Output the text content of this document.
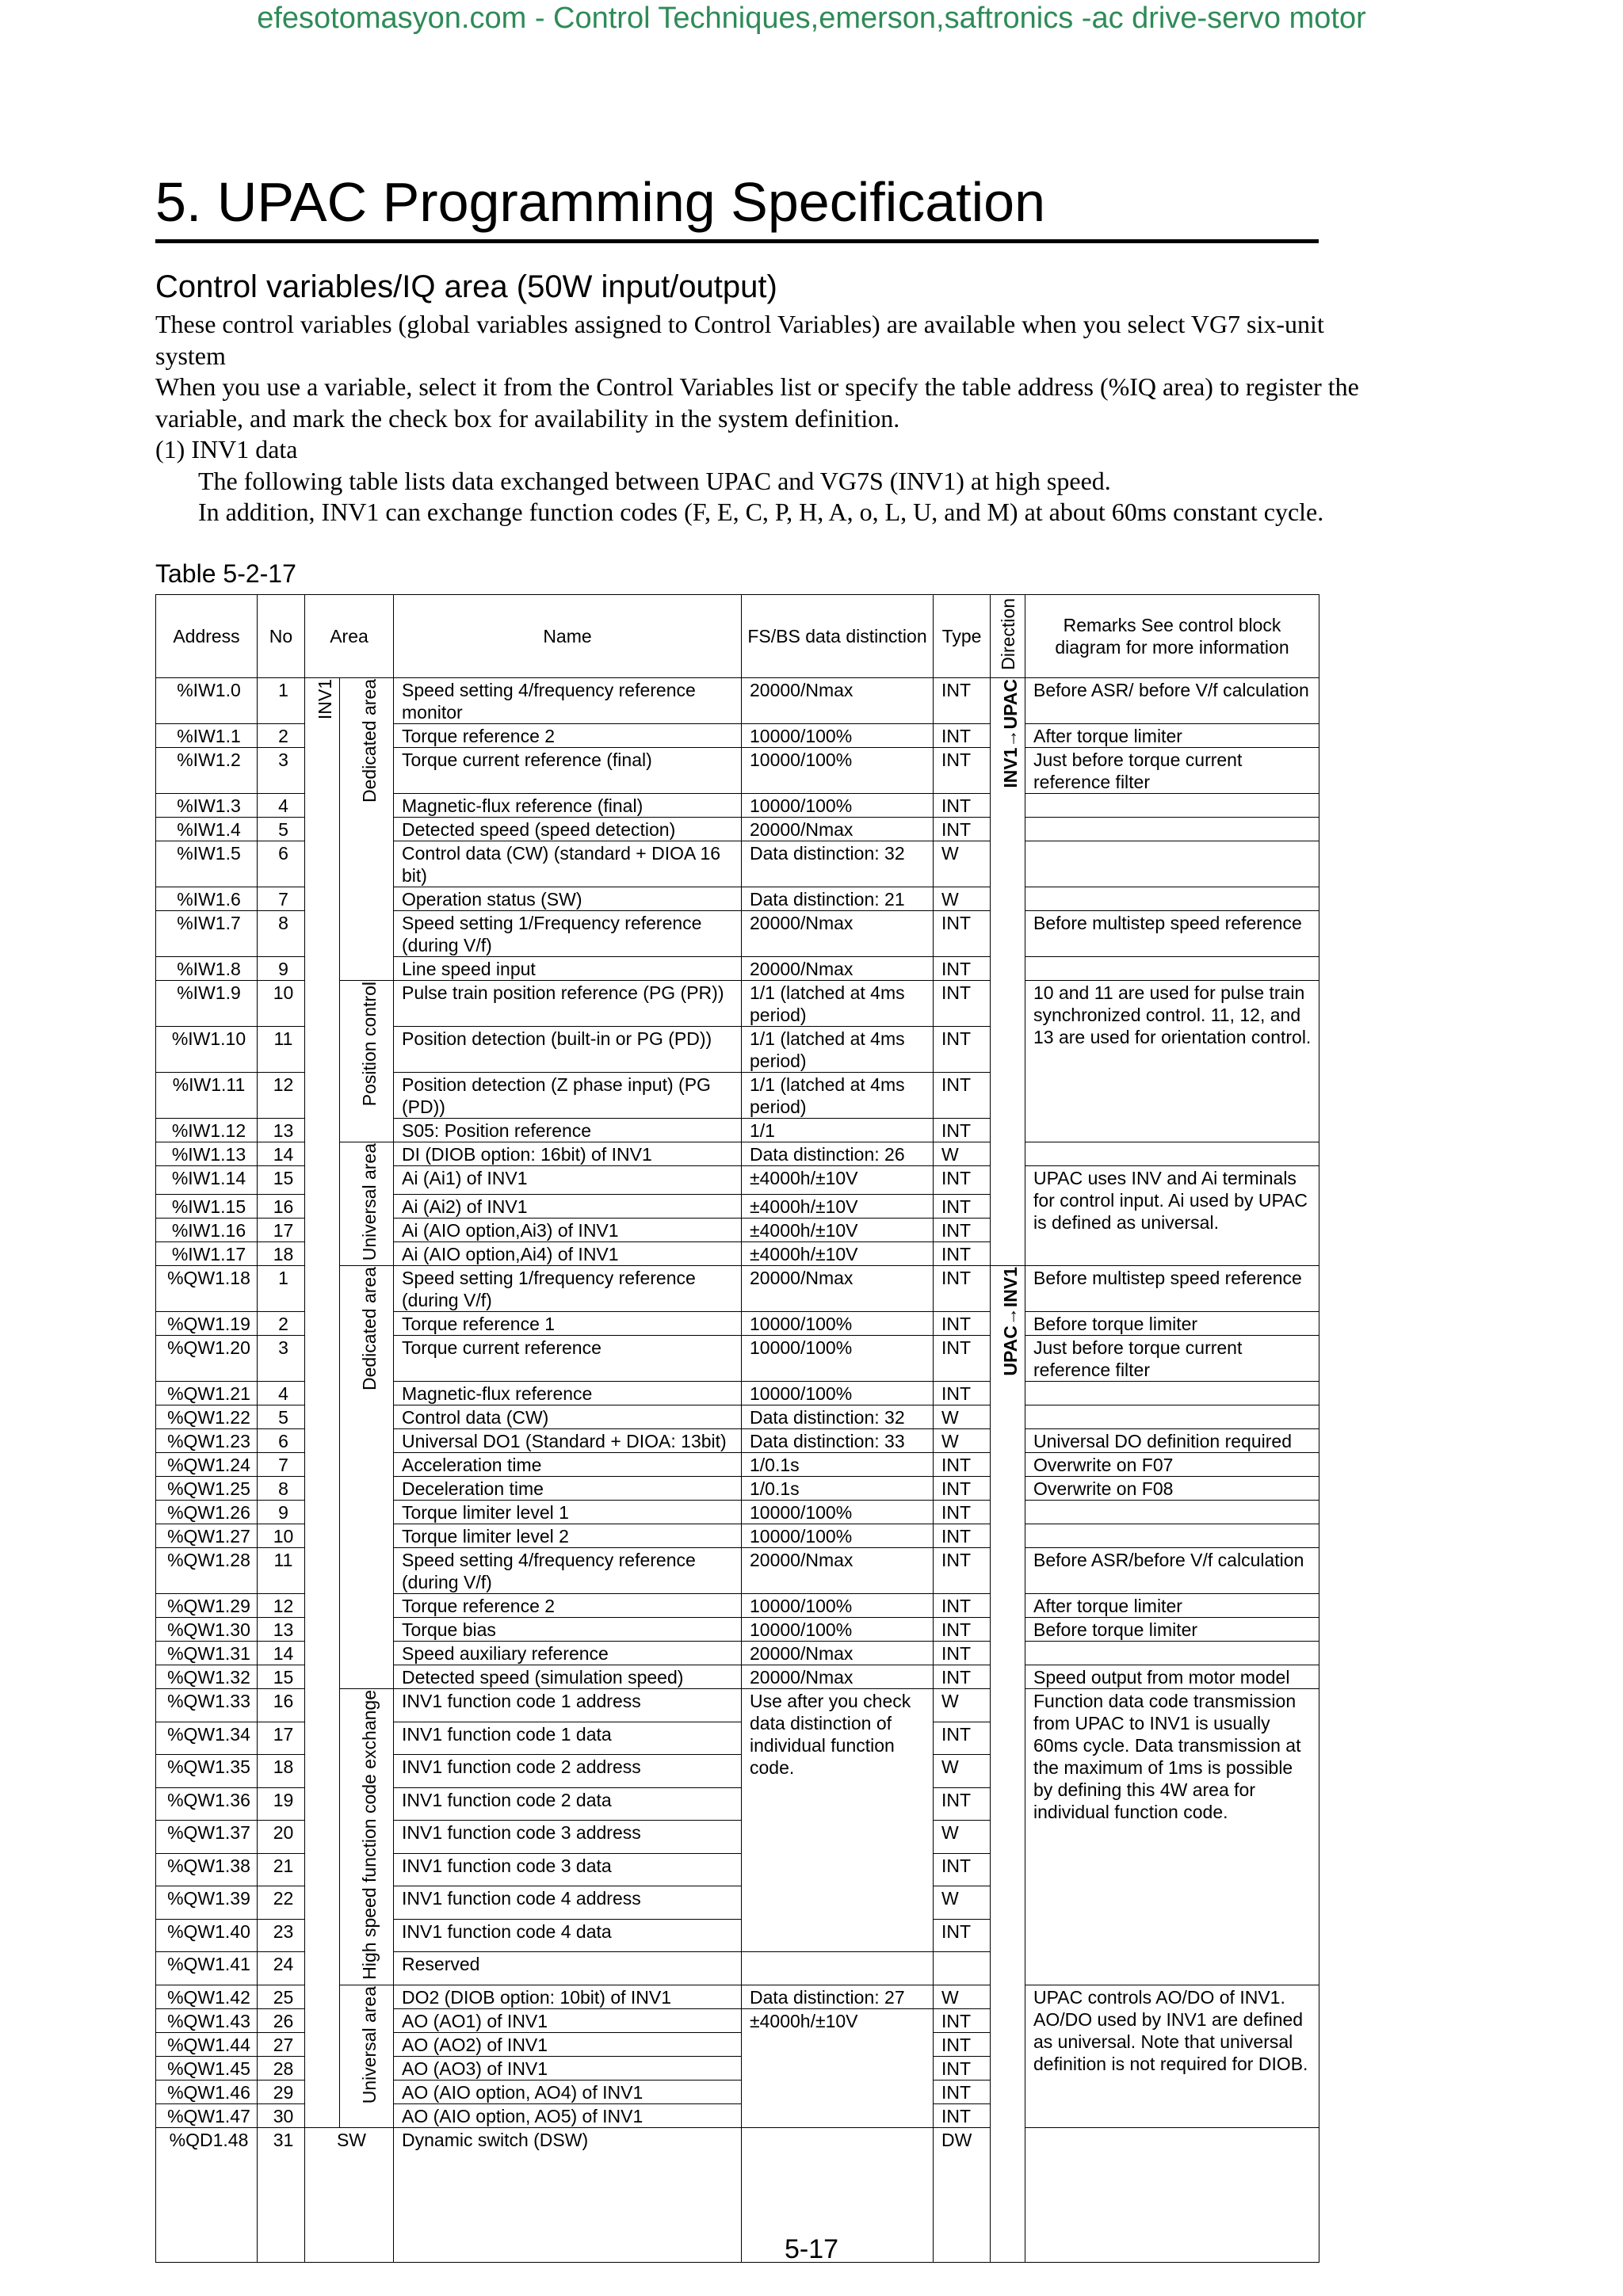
efesotomasyon.com - Control Techniques,emerson,saftronics -ac drive-servo motor
5. UPAC Programming Specification
Control variables/IQ area (50W input/output)

These control variables (global variables assigned to Control Variables) are available when you select VG7 six-unit system

When you use a variable, select it from the Control Variables list or specify the table address (%IQ area) to register the variable, and mark the check box for availability in the system definition.

(1) INV1 data

The following table lists data exchanged between UPAC and VG7S (INV1) at high speed.

In addition, INV1 can exchange function codes (F, E, C, P, H, A, o, L, U, and M) at about 60ms constant cycle.

Table 5-2-17
Address	No	Area		Name	FS/BS data distinction	Type	Direction	Remarks See control block diagram for more information	
%IW1.0	1	INV1	Dedicated area	Speed setting 4/frequency reference monitor	20000/Nmax	INT	INV1→UPAC	Before ASR/ before V/f calculation	
%IW1.1	2			Torque reference 2	10000/100%	INT		After torque limiter	
%IW1.2	3			Torque current reference (final)	10000/100%	INT		Just before torque current reference filter	
%IW1.3	4			Magnetic-flux reference (final)	10000/100%	INT			
%IW1.4	5			Detected speed (speed detection)	20000/Nmax	INT			
%IW1.5	6			Control data (CW) (standard + DIOA 16 bit)	Data distinction: 32	W			
%IW1.6	7			Operation status (SW)	Data distinction: 21	W			
%IW1.7	8			Speed setting 1/Frequency reference (during V/f)	20000/Nmax	INT		Before multistep speed reference	
%IW1.8	9			Line speed input	20000/Nmax	INT			
%IW1.9	10		Position control	Pulse train position reference (PG (PR))	1/1 (latched at 4ms period)	INT		10 and 11 are used for pulse train synchronized control. 11, 12, and 13 are used for orientation control.	
%IW1.10	11			Position detection (built-in or PG (PD))	1/1 (latched at 4ms period)	INT			
%IW1.11	12			Position detection (Z phase input) (PG (PD))	1/1 (latched at 4ms period)	INT			
%IW1.12	13			S05: Position reference	1/1	INT			
%IW1.13	14		Universal area	DI (DIOB option: 16bit) of INV1	Data distinction: 26	W			
%IW1.14	15			Ai (Ai1) of INV1	±4000h/±10V	INT		UPAC uses INV and Ai terminals for control input. Ai used by UPAC is defined as universal.	
%IW1.15	16			Ai (Ai2) of INV1	±4000h/±10V	INT			
%IW1.16	17			Ai (AIO option,Ai3) of INV1	±4000h/±10V	INT			
%IW1.17	18			Ai (AIO option,Ai4) of INV1	±4000h/±10V	INT			
%QW1.18	1		Dedicated area	Speed setting 1/frequency reference (during V/f)	20000/Nmax	INT	UPAC→INV1	Before multistep speed reference	
%QW1.19	2			Torque reference 1	10000/100%	INT		Before torque limiter	
%QW1.20	3			Torque current reference	10000/100%	INT		Just before torque current reference filter	
%QW1.21	4			Magnetic-flux reference	10000/100%	INT			
%QW1.22	5			Control data (CW)	Data distinction: 32	W			
%QW1.23	6			Universal DO1 (Standard + DIOA: 13bit)	Data distinction: 33	W		Universal DO definition required	
%QW1.24	7			Acceleration time	1/0.1s	INT		Overwrite on F07	
%QW1.25	8			Deceleration time	1/0.1s	INT		Overwrite on F08	
%QW1.26	9			Torque limiter level 1	10000/100%	INT			
%QW1.27	10			Torque limiter level 2	10000/100%	INT			
%QW1.28	11			Speed setting 4/frequency reference (during V/f)	20000/Nmax	INT		Before ASR/before V/f calculation	
%QW1.29	12			Torque reference 2	10000/100%	INT		After torque limiter	
%QW1.30	13			Torque bias	10000/100%	INT		Before torque limiter	
%QW1.31	14			Speed auxiliary reference	20000/Nmax	INT			
%QW1.32	15			Detected speed (simulation speed)	20000/Nmax	INT		Speed output from motor model	
%QW1.33	16		High speed function code exchange	INV1 function code 1 address	Use after you check data distinction of individual function code.	W		Function data code transmission from UPAC to INV1 is usually 60ms cycle. Data transmission at the maximum of 1ms is possible by defining this 4W area for individual function code.	
%QW1.34	17			INV1 function code 1 data		INT			
%QW1.35	18			INV1 function code 2 address		W			
%QW1.36	19			INV1 function code 2 data		INT			
%QW1.37	20			INV1 function code 3 address		W			
%QW1.38	21			INV1 function code 3 data		INT			
%QW1.39	22			INV1 function code 4 address		W			
%QW1.40	23			INV1 function code 4 data		INT			
%QW1.41	24			Reserved					
%QW1.42	25		Universal area	DO2 (DIOB option: 10bit) of INV1	Data distinction: 27	W		UPAC controls AO/DO of INV1. AO/DO used by INV1 are defined as universal. Note that universal definition is not required for DIOB.	
%QW1.43	26			AO (AO1) of INV1	±4000h/±10V	INT			
%QW1.44	27			AO (AO2) of INV1		INT			
%QW1.45	28			AO (AO3) of INV1		INT			
%QW1.46	29			AO (AIO option, AO4) of INV1		INT			
%QW1.47	30			AO (AIO option, AO5) of INV1		INT			
%QD1.48	31	SW		Dynamic switch (DSW)		DW		
5-17
